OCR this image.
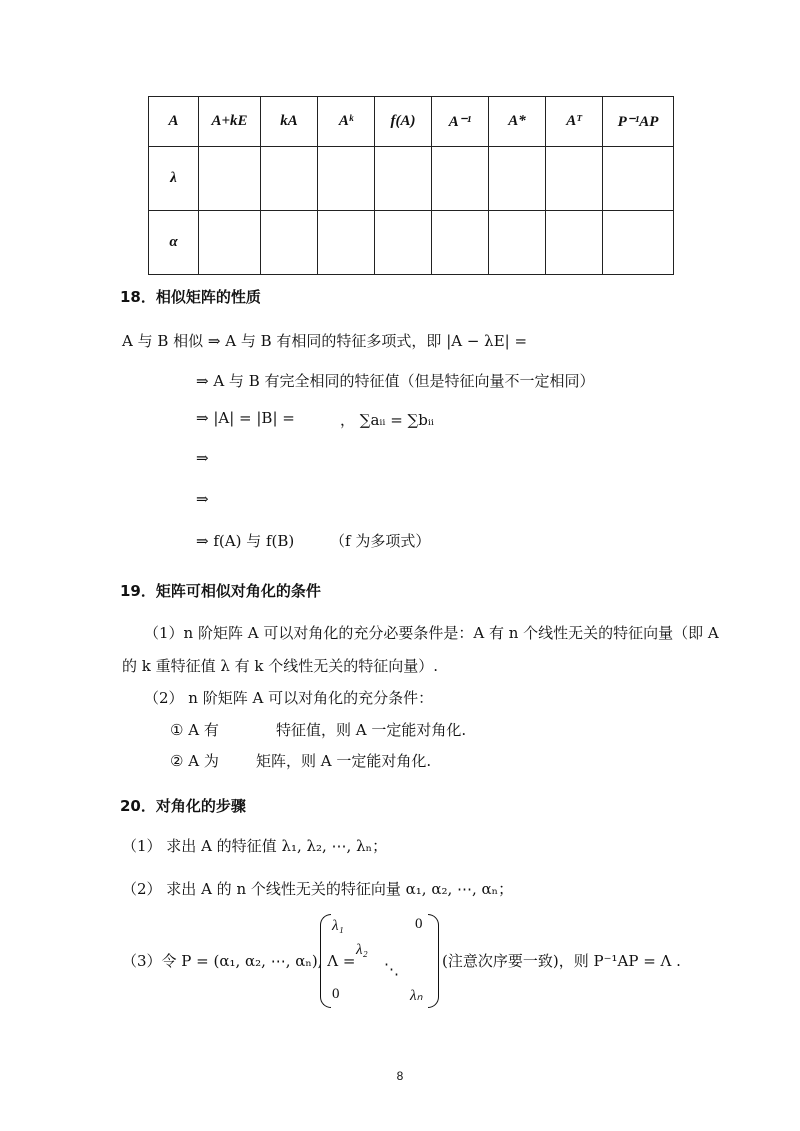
A	A+kE	kA	Aᵏ	f(A)	A⁻¹	A*	Aᵀ	P⁻¹AP
λ								
α								
18．相似矩阵的性质
A 与 B 相似 ⇒ A 与 B 有相同的特征多项式，即 |A − λE| =
⇒ A 与 B 有完全相同的特征值（但是特征向量不一定相同）
⇒ |A| = |B| =	， ∑aᵢᵢ = ∑bᵢᵢ
⇒
⇒
⇒ f(A) 与 f(B) （f 为多项式）
19．矩阵可相似对角化的条件
（1）n 阶矩阵 A 可以对角化的充分必要条件是：A 有 n 个线性无关的特征向量（即 A
的 k 重特征值 λ 有 k 个线性无关的特征向量）.
（2） n 阶矩阵 A 可以对角化的充分条件：
① A 有	特征值，则 A 一定能对角化.
② A 为 矩阵，则 A 一定能对角化.
20．对角化的步骤
（1） 求出 A 的特征值 λ₁, λ₂, ⋯, λₙ；
（2） 求出 A 的 n 个线性无关的特征向量 α₁, α₂, ⋯, αₙ；
（3）令 P = (α₁, α₂, ⋯, αₙ), Λ =
λ₁	0
λ₂
⋱
0	λₙ
(注意次序要一致)，则 P⁻¹AP = Λ .
8
